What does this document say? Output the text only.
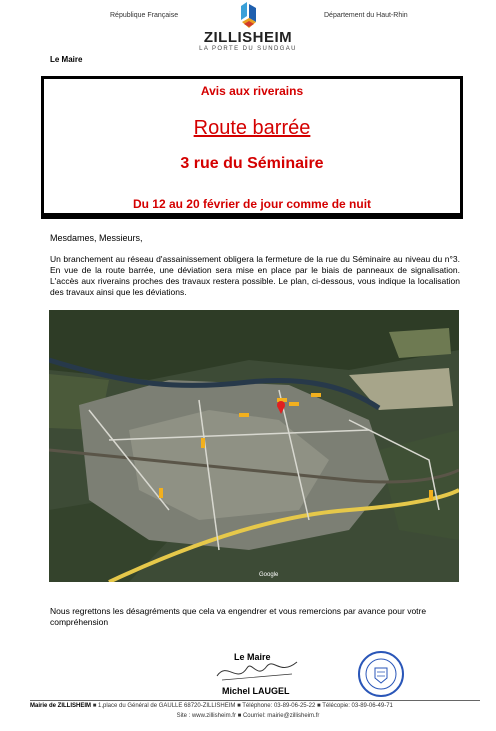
République Française	Département du Haut-Rhin
ZILLISHEIM
LA PORTE DU SUNDGAU
Le Maire
Avis aux riverains
Route barrée
3 rue du Séminaire
Du 12 au 20 février de jour comme de nuit
Mesdames, Messieurs,
Un branchement au réseau d'assainissement obligera la fermeture de la rue du Séminaire au niveau du n°3. En vue de la route barrée, une déviation sera mise en place par le biais de panneaux de signalisation. L'accès aux riverains proches des travaux restera possible. Le plan, ci-dessous, vous indique la localisation des travaux ainsi que les déviations.
Google
Nous regrettons les désagréments que cela va engendrer et vous remercions par avance pour votre compréhension
Le Maire
Michel LAUGEL
Mairie de ZILLISHEIM ■ 1,place du Général de GAULLE 68720-ZILLISHEIM ■ Téléphone: 03-89-06-25-22 ■ Télécopie: 03-89-06-49-71
Site : www.zillisheim.fr ■ Courriel: mairie@zillisheim.fr
